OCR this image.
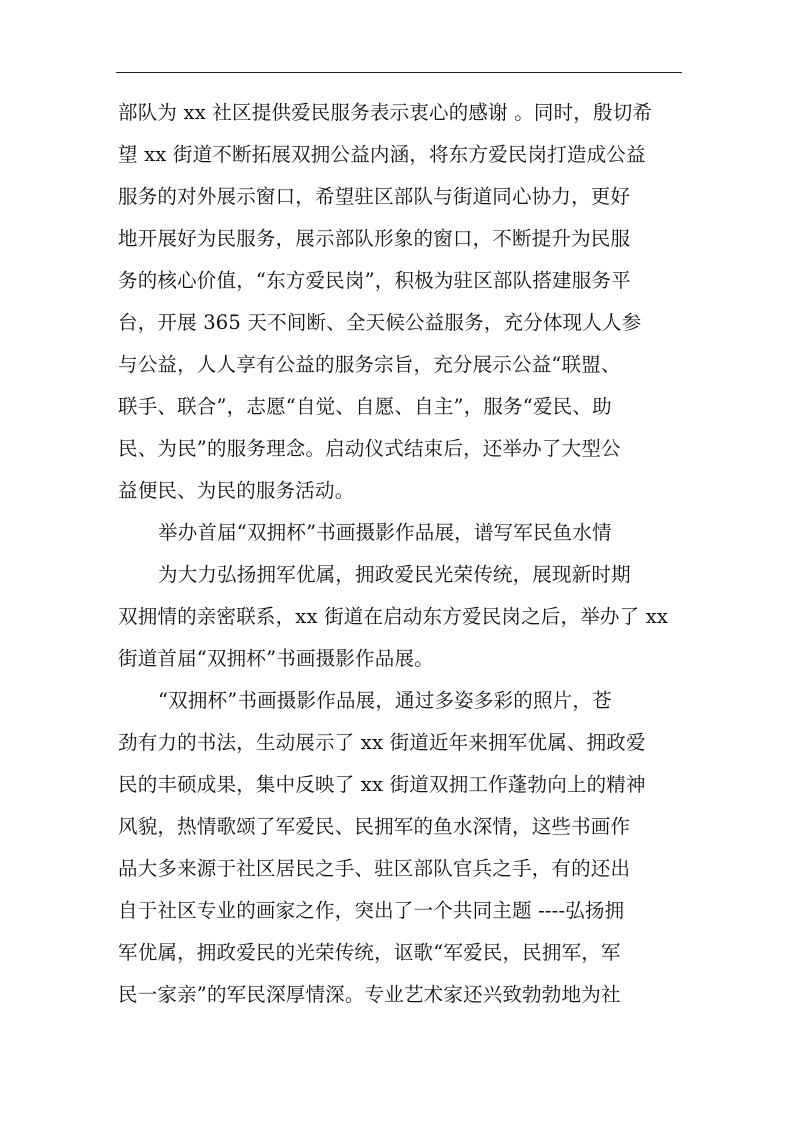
部队为 xx 社区提供爱民服务表示衷心的感谢 。同时，殷切希
望 xx 街道不断拓展双拥公益内涵，将东方爱民岗打造成公益
服务的对外展示窗口，希望驻区部队与街道同心协力，更好
地开展好为民服务，展示部队形象的窗口，不断提升为民服
务的核心价值，“东方爱民岗”，积极为驻区部队搭建服务平
台，开展 365 天不间断、全天候公益服务，充分体现人人参
与公益，人人享有公益的服务宗旨，充分展示公益“联盟、
联手、联合”，志愿“自觉、自愿、自主”，服务“爱民、助
民、为民”的服务理念。启动仪式结束后，还举办了大型公
益便民、为民的服务活动。
举办首届“双拥杯”书画摄影作品展，谱写军民鱼水情
为大力弘扬拥军优属，拥政爱民光荣传统，展现新时期
双拥情的亲密联系，xx 街道在启动东方爱民岗之后，举办了 xx
街道首届“双拥杯”书画摄影作品展。
“双拥杯”书画摄影作品展，通过多姿多彩的照片，苍
劲有力的书法，生动展示了 xx 街道近年来拥军优属、拥政爱
民的丰硕成果，集中反映了 xx 街道双拥工作蓬勃向上的精神
风貌，热情歌颂了军爱民、民拥军的鱼水深情，这些书画作
品大多来源于社区居民之手、驻区部队官兵之手，有的还出
自于社区专业的画家之作，突出了一个共同主题 ----弘扬拥
军优属，拥政爱民的光荣传统，讴歌“军爱民，民拥军，军
民一家亲”的军民深厚情深。专业艺术家还兴致勃勃地为社
